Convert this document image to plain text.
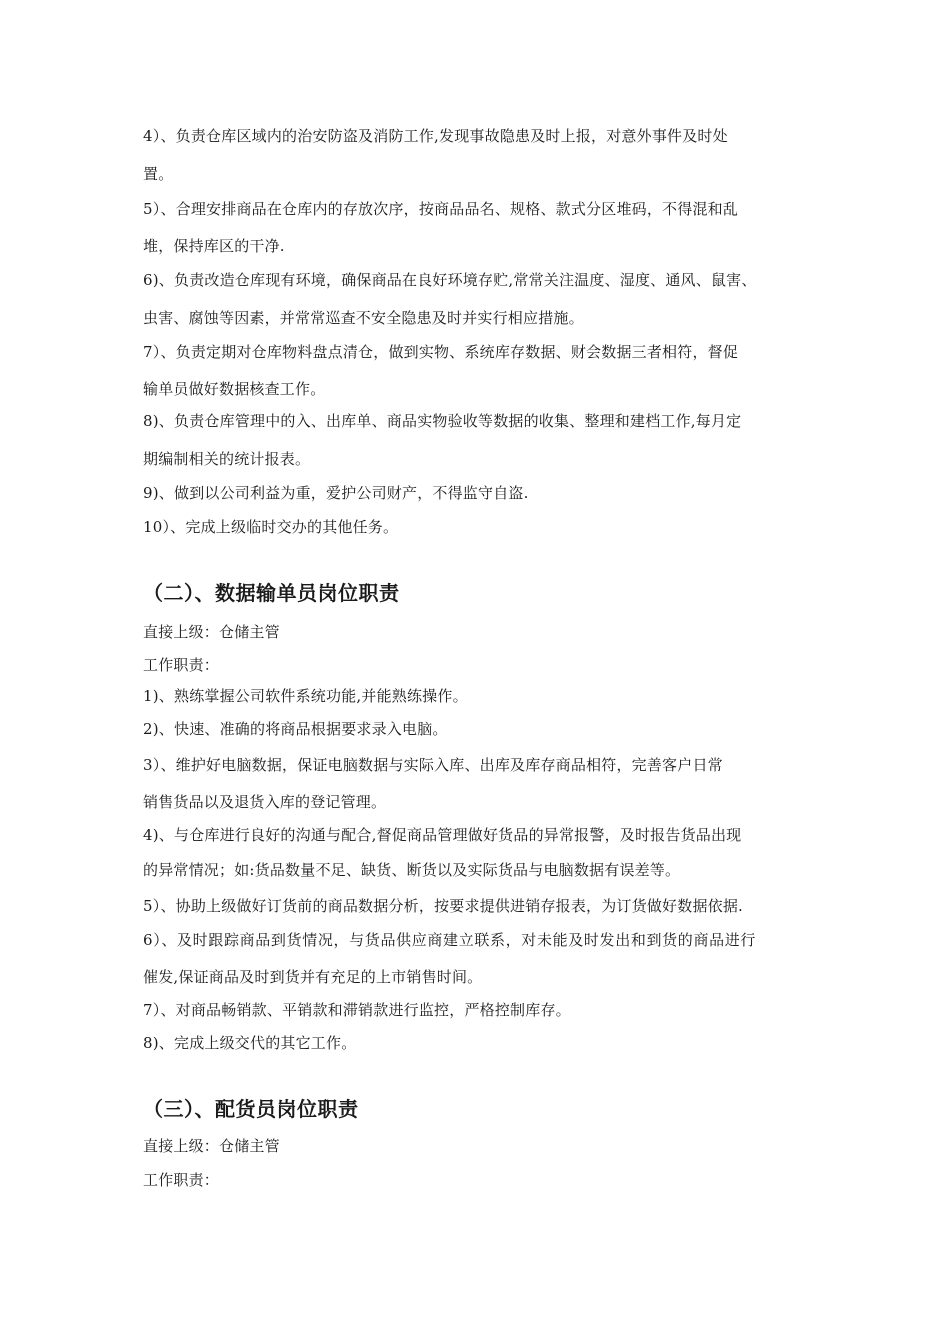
4）、负责仓库区域内的治安防盗及消防工作,发现事故隐患及时上报，对意外事件及时处

置。

5）、合理安排商品在仓库内的存放次序，按商品品名、规格、款式分区堆码，不得混和乱

堆，保持库区的干净.

6)、负责改造仓库现有环境，确保商品在良好环境存贮,常常关注温度、湿度、通风、鼠害、

虫害、腐蚀等因素，并常常巡查不安全隐患及时并实行相应措施。

7）、负责定期对仓库物料盘点清仓，做到实物、系统库存数据、财会数据三者相符，督促

输单员做好数据核查工作。

8)、负责仓库管理中的入、出库单、商品实物验收等数据的收集、整理和建档工作,每月定

期编制相关的统计报表。

9)、做到以公司利益为重，爱护公司财产，不得监守自盗.

10）、完成上级临时交办的其他任务。

（二）、数据输单员岗位职责

直接上级：仓储主管

工作职责：

1)、熟练掌握公司软件系统功能,并能熟练操作。

2)、快速、准确的将商品根据要求录入电脑。

3）、维护好电脑数据，保证电脑数据与实际入库、出库及库存商品相符，完善客户日常

销售货品以及退货入库的登记管理。

4)、与仓库进行良好的沟通与配合,督促商品管理做好货品的异常报警，及时报告货品出现

的异常情况；如:货品数量不足、缺货、断货以及实际货品与电脑数据有误差等。

5）、协助上级做好订货前的商品数据分析，按要求提供进销存报表，为订货做好数据依据.

6）、及时跟踪商品到货情况，与货品供应商建立联系，对未能及时发出和到货的商品进行

催发,保证商品及时到货并有充足的上市销售时间。

7）、对商品畅销款、平销款和滞销款进行监控，严格控制库存。

8)、完成上级交代的其它工作。

（三）、配货员岗位职责

直接上级：仓储主管

工作职责：
